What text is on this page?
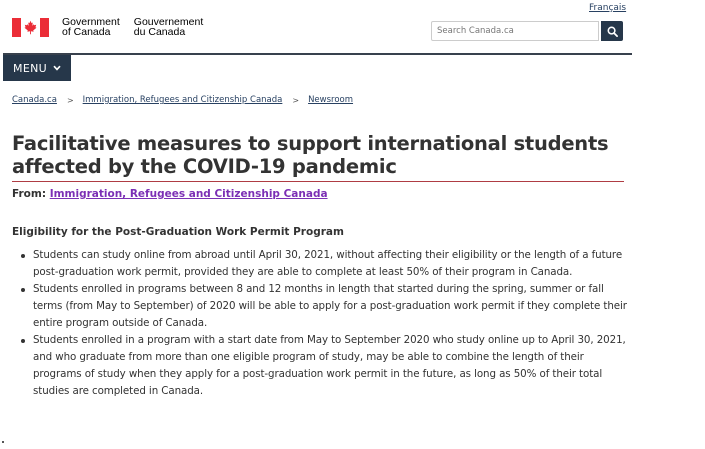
Français
Government
of Canada
Gouvernement
du Canada
Search Canada.ca
MENU
Canada.ca > Immigration, Refugees and Citizenship Canada > Newsroom
Facilitative measures to support international students affected by the COVID-19 pandemic
From: Immigration, Refugees and Citizenship Canada
Eligibility for the Post-Graduation Work Permit Program
Students can study online from abroad until April 30, 2021, without affecting their eligibility or the length of a future post-graduation work permit, provided they are able to complete at least 50% of their program in Canada.
Students enrolled in programs between 8 and 12 months in length that started during the spring, summer or fall terms (from May to September) of 2020 will be able to apply for a post-graduation work permit if they complete their entire program outside of Canada.
Students enrolled in a program with a start date from May to September 2020 who study online up to April 30, 2021, and who graduate from more than one eligible program of study, may be able to combine the length of their programs of study when they apply for a post-graduation work permit in the future, as long as 50% of their total studies are completed in Canada.
